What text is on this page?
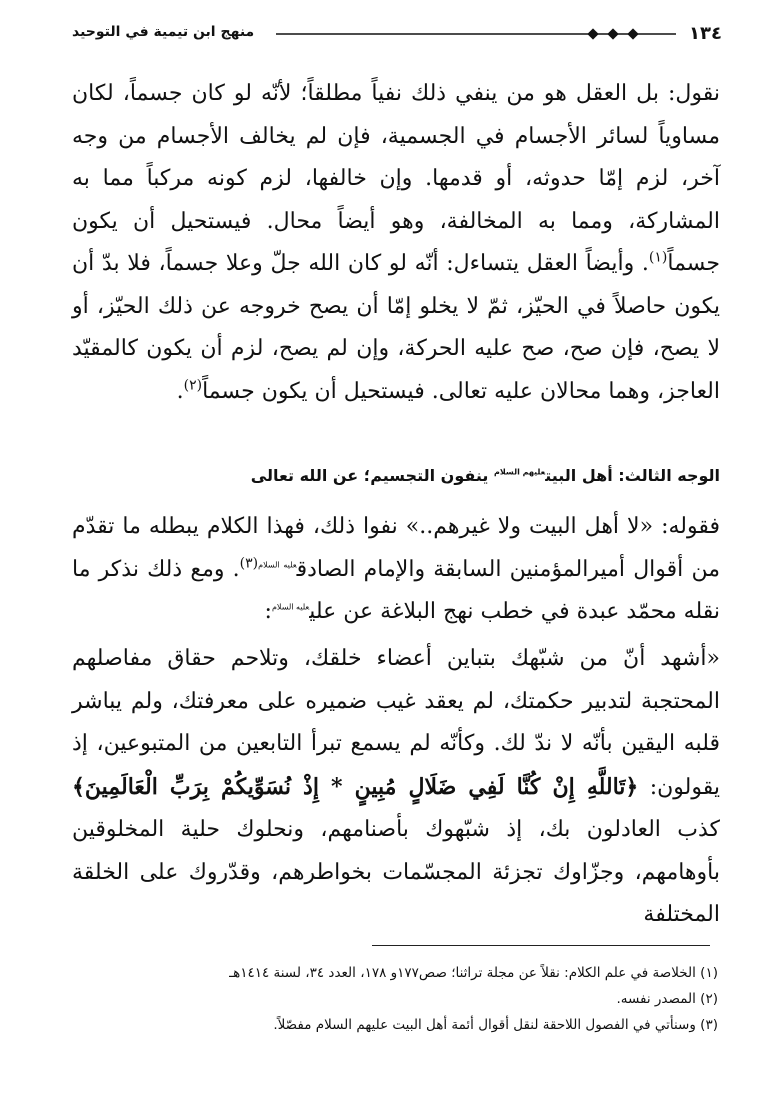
١٣٤
منهج ابن تيمية في التوحيد

نقول: بل العقل هو من ينفي ذلك نفياً مطلقاً؛ لأنّه لو كان جسماً، لكان مساوياً لسائر الأجسام في الجسمية، فإن لم يخالف الأجسام من وجه آخر، لزم إمّا حدوثه، أو قدمها. وإن خالفها، لزم كونه مركباً مما به المشاركة، ومما به المخالفة، وهو أيضاً محال. فيستحيل أن يكون جسماً$^{(١)}$. وأيضاً العقل يتساءل: أنّه لو كان الله جلّ وعلا جسماً، فلا بدّ أن يكون حاصلاً في الحيّز، ثمّ لا يخلو إمّا أن يصح خروجه عن ذلك الحيّز، أو لا يصح، فإن صح، صح عليه الحركة، وإن لم يصح، لزم أن يكون كالمقيّد العاجز، وهما محالان عليه تعالى. فيستحيل أن يكون جسماً$^{(٢)}$.

الوجه الثالث: أهل البيت$^{عليهم السلام}$ ينفون التجسيم؛ عن الله تعالى

فقوله: «لا أهل البيت ولا غيرهم..» نفوا ذلك، فهذا الكلام يبطله ما تقدّم من أقوال أميرالمؤمنين السابقة والإمام الصادق$^{عليه السلام(٣)}$. ومع ذلك نذكر ما نقله محمّد عبدة في خطب نهج البلاغة عن علي$^{عليه السلام}$:

«أشهد أنّ من شبّهك بتباين أعضاء خلقك، وتلاحم حقاق مفاصلهم المحتجبة لتدبير حكمتك، لم يعقد غيب ضميره على معرفتك، ولم يباشر قلبه اليقين بأنّه لا ندّ لك. وكأنّه لم يسمع تبرأ التابعين من المتبوعين، إذ يقولون: ﴿تَاللَّهِ إِنْ كُنَّا لَفِي ضَلَالٍ مُبِينٍ * إِذْ نُسَوِّيكُمْ بِرَبِّ الْعَالَمِينَ﴾ كذب العادلون بك، إذ شبّهوك بأصنامهم، ونحلوك حلية المخلوقين بأوهامهم، وجزّاوك تجزئة المجسّمات بخواطرهم، وقدّروك على الخلقة المختلفة

(١) الخلاصة في علم الكلام: نقلاً عن مجلة تراثنا؛ صص١٧٧و ١٧٨، العدد ٣٤، لسنة ١٤١٤هـ
(٢) المصدر نفسه.
(٣) وسنأتي في الفصول اللاحقة لنقل أقوال أئمة أهل البيت عليهم السلام مفصّلاً.
